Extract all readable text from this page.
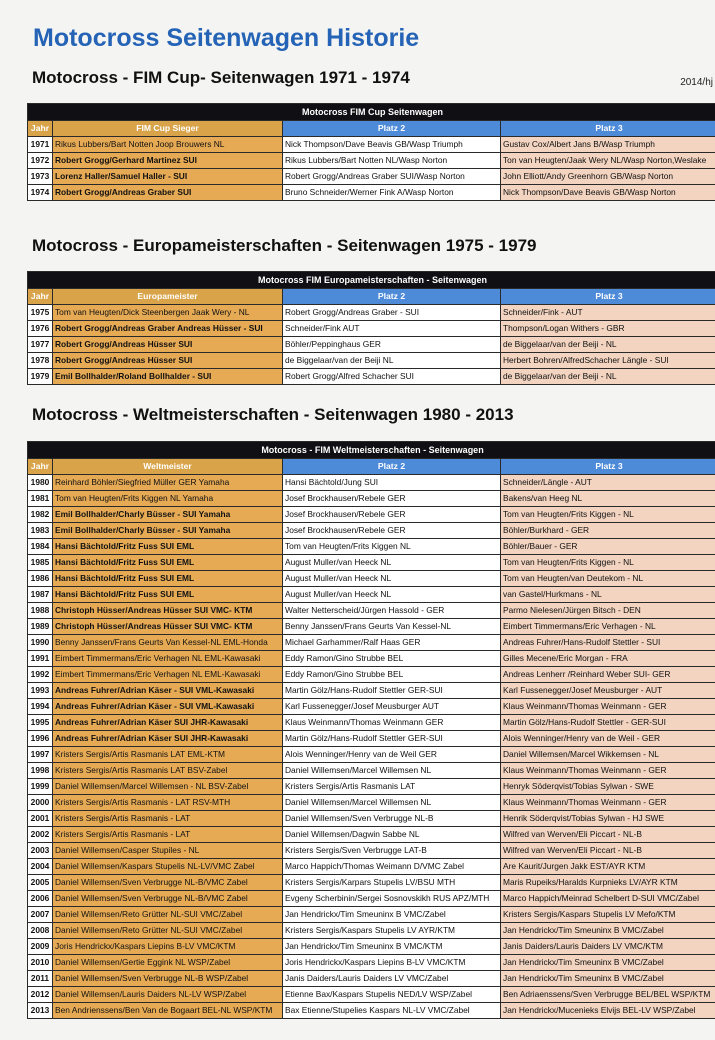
Motocross Seitenwagen Historie
2014/hj
Motocross - FIM Cup- Seitenwagen 1971 - 1974
Motocross FIM Cup Seitenwagen			
Jahr	FIM Cup Sieger	Platz 2	Platz 3
1971	Rikus Lubbers/Bart Notten Joop Brouwers NL	Nick Thompson/Dave Beavis GB/Wasp Triumph	Gustav Cox/Albert Jans B/Wasp Triumph
1972	Robert Grogg/Gerhard Martinez SUI	Rikus Lubbers/Bart Notten NL/Wasp Norton	Ton van Heugten/Jaak Wery NL/Wasp Norton,Weslake
1973	Lorenz Haller/Samuel Haller - SUI	Robert Grogg/Andreas Graber SUI/Wasp Norton	John Elliott/Andy Greenhorn GB/Wasp Norton
1974	Robert Grogg/Andreas Graber SUI	Bruno Schneider/Werner Fink A/Wasp Norton	Nick Thompson/Dave Beavis GB/Wasp Norton
Motocross - Europameisterschaften - Seitenwagen 1975 - 1979
Motocross FIM Europameisterschaften - Seitenwagen			
Jahr	Europameister	Platz 2	Platz 3
1975	Tom van Heugten/Dick Steenbergen Jaak Wery - NL	Robert Grogg/Andreas Graber - SUI	Schneider/Fink - AUT
1976	Robert Grogg/Andreas Graber Andreas Hüsser - SUI	Schneider/Fink AUT	Thompson/Logan Withers - GBR
1977	Robert Grogg/Andreas Hüsser SUI	Böhler/Peppinghaus GER	de Biggelaar/van der Beiji - NL
1978	Robert Grogg/Andreas Hüsser SUI	de Biggelaar/van der Beiji NL	Herbert Bohren/AlfredSchacher Längle - SUI
1979	Emil Bollhalder/Roland Bollhalder - SUI	Robert Grogg/Alfred Schacher SUI	de Biggelaar/van der Beiji - NL
Motocross - Weltmeisterschaften - Seitenwagen 1980 - 2013
Motocross - FIM Weltmeisterschaften - Seitenwagen			
Jahr	Weltmeister	Platz 2	Platz 3
1980	Reinhard Böhler/Siegfried Müller GER Yamaha	Hansi Bächtold/Jung SUI	Schneider/Längle - AUT
1981	Tom van Heugten/Frits Kiggen NL Yamaha	Josef Brockhausen/Rebele GER	Bakens/van Heeg NL
1982	Emil Bollhalder/Charly Büsser - SUI Yamaha	Josef Brockhausen/Rebele GER	Tom van Heugten/Frits Kiggen - NL
1983	Emil Bollhalder/Charly Büsser - SUI Yamaha	Josef Brockhausen/Rebele GER	Böhler/Burkhard - GER
1984	Hansi Bächtold/Fritz Fuss SUI EML	Tom van Heugten/Frits Kiggen NL	Böhler/Bauer - GER
1985	Hansi Bächtold/Fritz Fuss SUI EML	August Muller/van Heeck NL	Tom van Heugten/Frits Kiggen - NL
1986	Hansi Bächtold/Fritz Fuss SUI EML	August Muller/van Heeck NL	Tom van Heugten/van Deutekom - NL
1987	Hansi Bächtold/Fritz Fuss SUI EML	August Muller/van Heeck NL	van Gastel/Hurkmans - NL
1988	Christoph Hüsser/Andreas Hüsser SUI VMC- KTM	Walter Netterscheid/Jürgen Hassold - GER	Parmo Nielesen/Jürgen Bitsch - DEN
1989	Christoph Hüsser/Andreas Hüsser SUI VMC- KTM	Benny Janssen/Frans Geurts Van Kessel-NL	Eimbert Timmermans/Eric Verhagen - NL
1990	Benny Janssen/Frans Geurts Van Kessel-NL EML-Honda	Michael Garhammer/Ralf Haas GER	Andreas Fuhrer/Hans-Rudolf Stettler - SUI
1991	Eimbert Timmermans/Eric Verhagen NL EML-Kawasaki	Eddy Ramon/Gino Strubbe BEL	Gilles Mecene/Eric Morgan - FRA
1992	Eimbert Timmermans/Eric Verhagen NL EML-Kawasaki	Eddy Ramon/Gino Strubbe BEL	Andreas Lenherr /Reinhard Weber SUI- GER
1993	Andreas Fuhrer/Adrian Käser - SUI VML-Kawasaki	Martin Gölz/Hans-Rudolf Stettler GER-SUI	Karl Fussenegger/Josef Meusburger - AUT
1994	Andreas Fuhrer/Adrian Käser - SUI VML-Kawasaki	Karl Fussenegger/Josef Meusburger AUT	Klaus Weinmann/Thomas Weinmann - GER
1995	Andreas Fuhrer/Adrian Käser SUI JHR-Kawasaki	Klaus Weinmann/Thomas Weinmann GER	Martin Gölz/Hans-Rudolf Stettler - GER-SUI
1996	Andreas Fuhrer/Adrian Käser SUI JHR-Kawasaki	Martin Gölz/Hans-Rudolf Stettler GER-SUI	Alois Wenninger/Henry van de Weil - GER
1997	Kristers Sergis/Artis Rasmanis LAT EML-KTM	Alois Wenninger/Henry van de Weil GER	Daniel Willemsen/Marcel Wikkemsen - NL
1998	Kristers Sergis/Artis Rasmanis LAT BSV-Zabel	Daniel Willemsen/Marcel Willemsen NL	Klaus Weinmann/Thomas Weinmann - GER
1999	Daniel Willemsen/Marcel Willemsen - NL BSV-Zabel	Kristers Sergis/Artis Rasmanis LAT	Henryk Söderqvist/Tobias Sylwan - SWE
2000	Kristers Sergis/Artis Rasmanis - LAT RSV-MTH	Daniel Willemsen/Marcel Willemsen NL	Klaus Weinmann/Thomas Weinmann - GER
2001	Kristers Sergis/Artis Rasmanis - LAT	Daniel Willemsen/Sven Verbrugge NL-B	Henrik Söderqvist/Tobias Sylwan - HJ SWE
2002	Kristers Sergis/Artis Rasmanis - LAT	Daniel Willemsen/Dagwin Sabbe NL	Wilfred van Werven/Eli Piccart - NL-B
2003	Daniel Willemsen/Casper Stupiles - NL	Kristers Sergis/Sven Verbrugge LAT-B	Wilfred van Werven/Eli Piccart - NL-B
2004	Daniel Willemsen/Kaspars Stupelis NL-LV/VMC Zabel	Marco Happich/Thomas Weimann D/VMC Zabel	Are Kaurit/Jurgen Jakk EST/AYR KTM
2005	Daniel Willemsen/Sven Verbrugge NL-B/VMC Zabel	Kristers Sergis/Karpars Stupelis LV/BSU MTH	Maris Rupeiks/Haralds Kurpnieks LV/AYR KTM
2006	Daniel Willemsen/Sven Verbrugge NL-B/VMC Zabel	Evgeny Scherbinin/Sergei Sosnovskikh RUS APZ/MTH	Marco Happich/Meinrad Schelbert D-SUI VMC/Zabel
2007	Daniel Willemsen/Reto Grütter NL-SUI VMC/Zabel	Jan Hendrickx/Tim Smeuninx B VMC/Zabel	Kristers Sergis/Kaspars Stupelis LV Mefo/KTM
2008	Daniel Willemsen/Reto Grütter NL-SUI VMC/Zabel	Kristers Sergis/Kaspars Stupelis LV AYR/KTM	Jan Hendrickx/Tim Smeuninx B VMC/Zabel
2009	Joris Hendrickx/Kaspars Liepins B-LV VMC/KTM	Jan Hendrickx/Tim Smeuninx B VMC/KTM	Janis Daiders/Lauris Daiders LV VMC/KTM
2010	Daniel Willemsen/Gertie Eggink NL WSP/Zabel	Joris Hendrickx/Kaspars Liepins B-LV VMC/KTM	Jan Hendrickx/Tim Smeuninx B VMC/Zabel
2011	Daniel Willemsen/Sven Verbrugge NL-B WSP/Zabel	Janis Daiders/Lauris Daiders LV VMC/Zabel	Jan Hendrickx/Tim Smeuninx B VMC/Zabel
2012	Daniel Willemsen/Lauris Daiders NL-LV WSP/Zabel	Etienne Bax/Kaspars Stupelis NED/LV WSP/Zabel	Ben Adriaenssens/Sven Verbrugge BEL/BEL WSP/KTM
2013	Ben Andrienssens/Ben Van de Bogaart BEL-NL WSP/KTM	Bax Etienne/Stupelies Kaspars NL-LV VMC/Zabel	Jan Hendrickx/Mucenieks Elvijs BEL-LV WSP/Zabel
